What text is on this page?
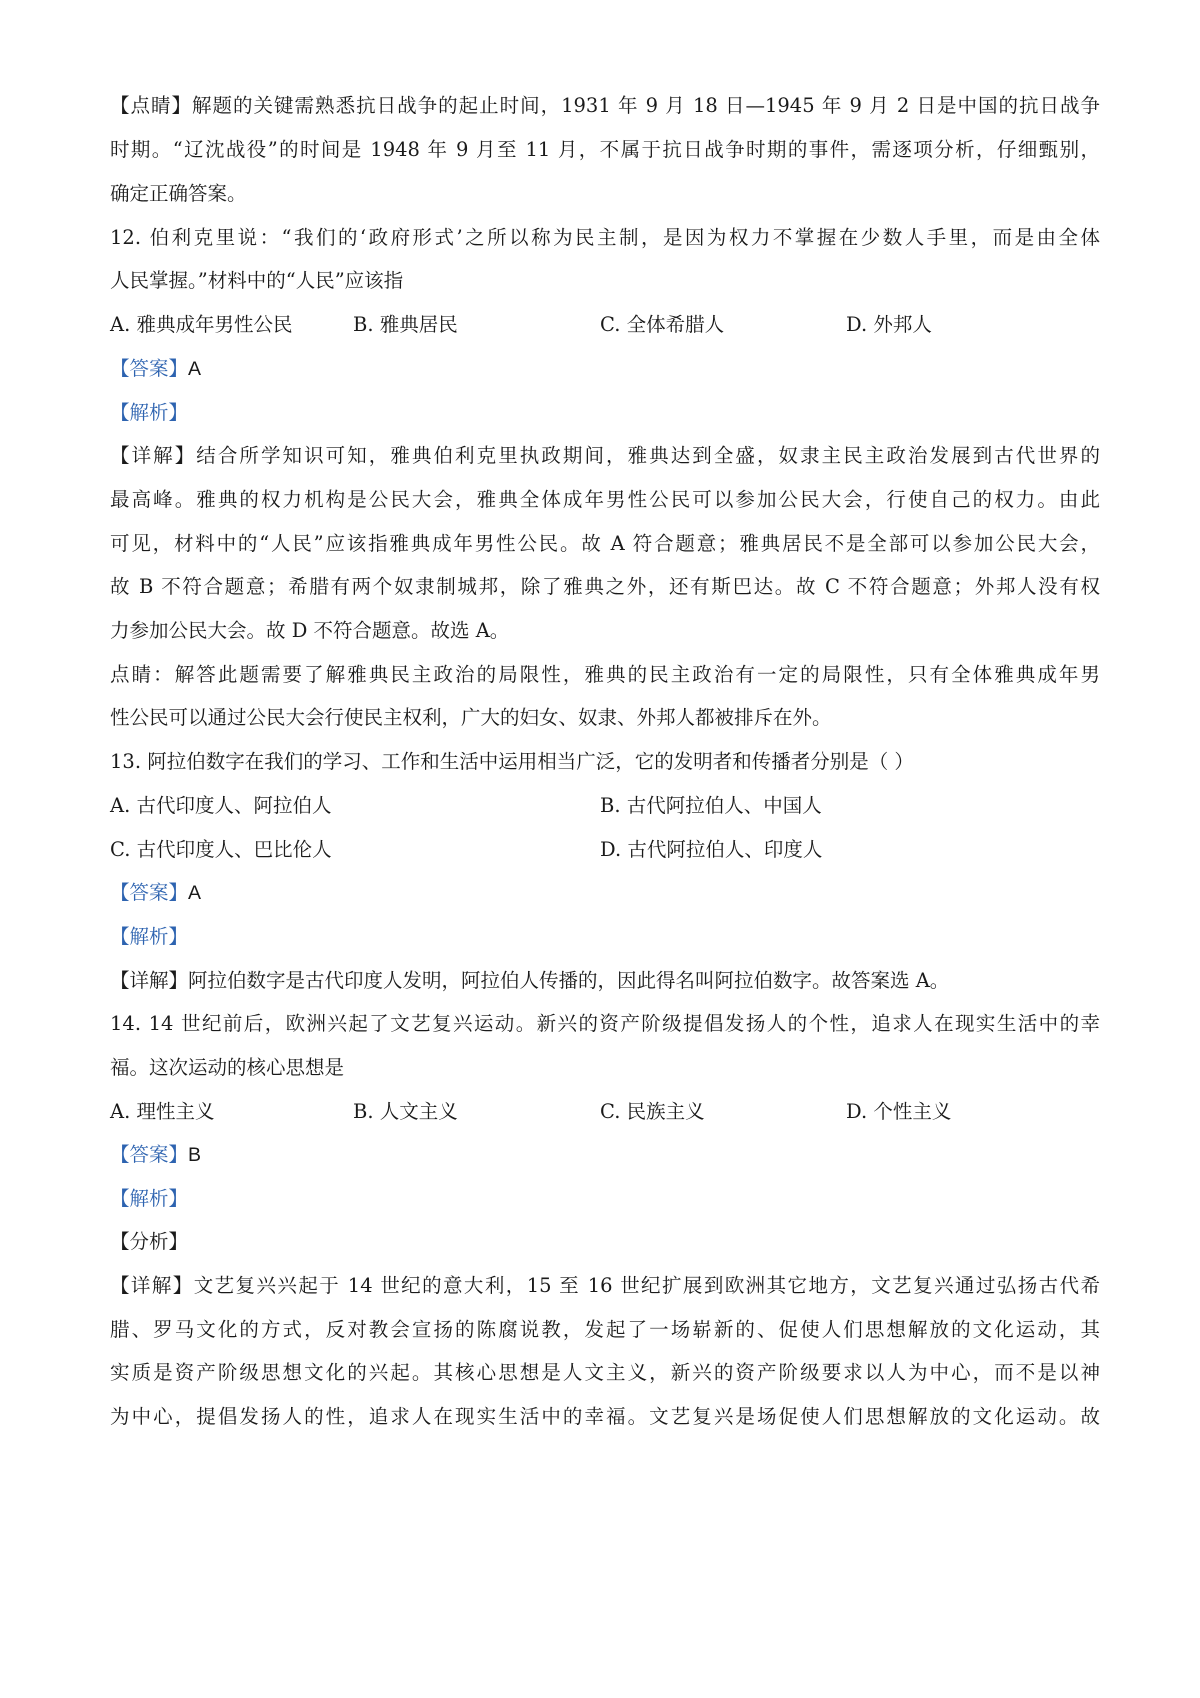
【点睛】解题的关键需熟悉抗日战争的起止时间，1931 年 9 月 18 日—1945 年 9 月 2 日是中国的抗日战争
时期。“辽沈战役”的时间是 1948 年 9 月至 11 月，不属于抗日战争时期的事件，需逐项分析，仔细甄别，
确定正确答案。
12. 伯利克里说：“我们的‘政府形式’之所以称为民主制，是因为权力不掌握在少数人手里，而是由全体
人民掌握。”材料中的“人民”应该指
A. 雅典成年男性公民	B. 雅典居民	C. 全体希腊人	D. 外邦人
【答案】A
【解析】
【详解】结合所学知识可知，雅典伯利克里执政期间，雅典达到全盛，奴隶主民主政治发展到古代世界的
最高峰。雅典的权力机构是公民大会，雅典全体成年男性公民可以参加公民大会，行使自己的权力。由此
可见，材料中的“人民”应该指雅典成年男性公民。故 A 符合题意；雅典居民不是全部可以参加公民大会，
故 B 不符合题意；希腊有两个奴隶制城邦，除了雅典之外，还有斯巴达。故 C 不符合题意；外邦人没有权
力参加公民大会。故 D 不符合题意。故选 A。
点睛：解答此题需要了解雅典民主政治的局限性，雅典的民主政治有一定的局限性，只有全体雅典成年男
性公民可以通过公民大会行使民主权利，广大的妇女、奴隶、外邦人都被排斥在外。
13. 阿拉伯数字在我们的学习、工作和生活中运用相当广泛，它的发明者和传播者分别是（ ）
A. 古代印度人、阿拉伯人	B. 古代阿拉伯人、中国人
C. 古代印度人、巴比伦人	D. 古代阿拉伯人、印度人
【答案】A
【解析】
【详解】阿拉伯数字是古代印度人发明，阿拉伯人传播的，因此得名叫阿拉伯数字。故答案选 A。
14. 14 世纪前后，欧洲兴起了文艺复兴运动。新兴的资产阶级提倡发扬人的个性，追求人在现实生活中的幸
福。这次运动的核心思想是
A. 理性主义	B. 人文主义	C. 民族主义	D. 个性主义
【答案】B
【解析】
【分析】
【详解】文艺复兴兴起于 14 世纪的意大利，15 至 16 世纪扩展到欧洲其它地方，文艺复兴通过弘扬古代希
腊、罗马文化的方式，反对教会宣扬的陈腐说教，发起了一场崭新的、促使人们思想解放的文化运动，其
实质是资产阶级思想文化的兴起。其核心思想是人文主义，新兴的资产阶级要求以人为中心，而不是以神
为中心，提倡发扬人的性，追求人在现实生活中的幸福。文艺复兴是场促使人们思想解放的文化运动。故
